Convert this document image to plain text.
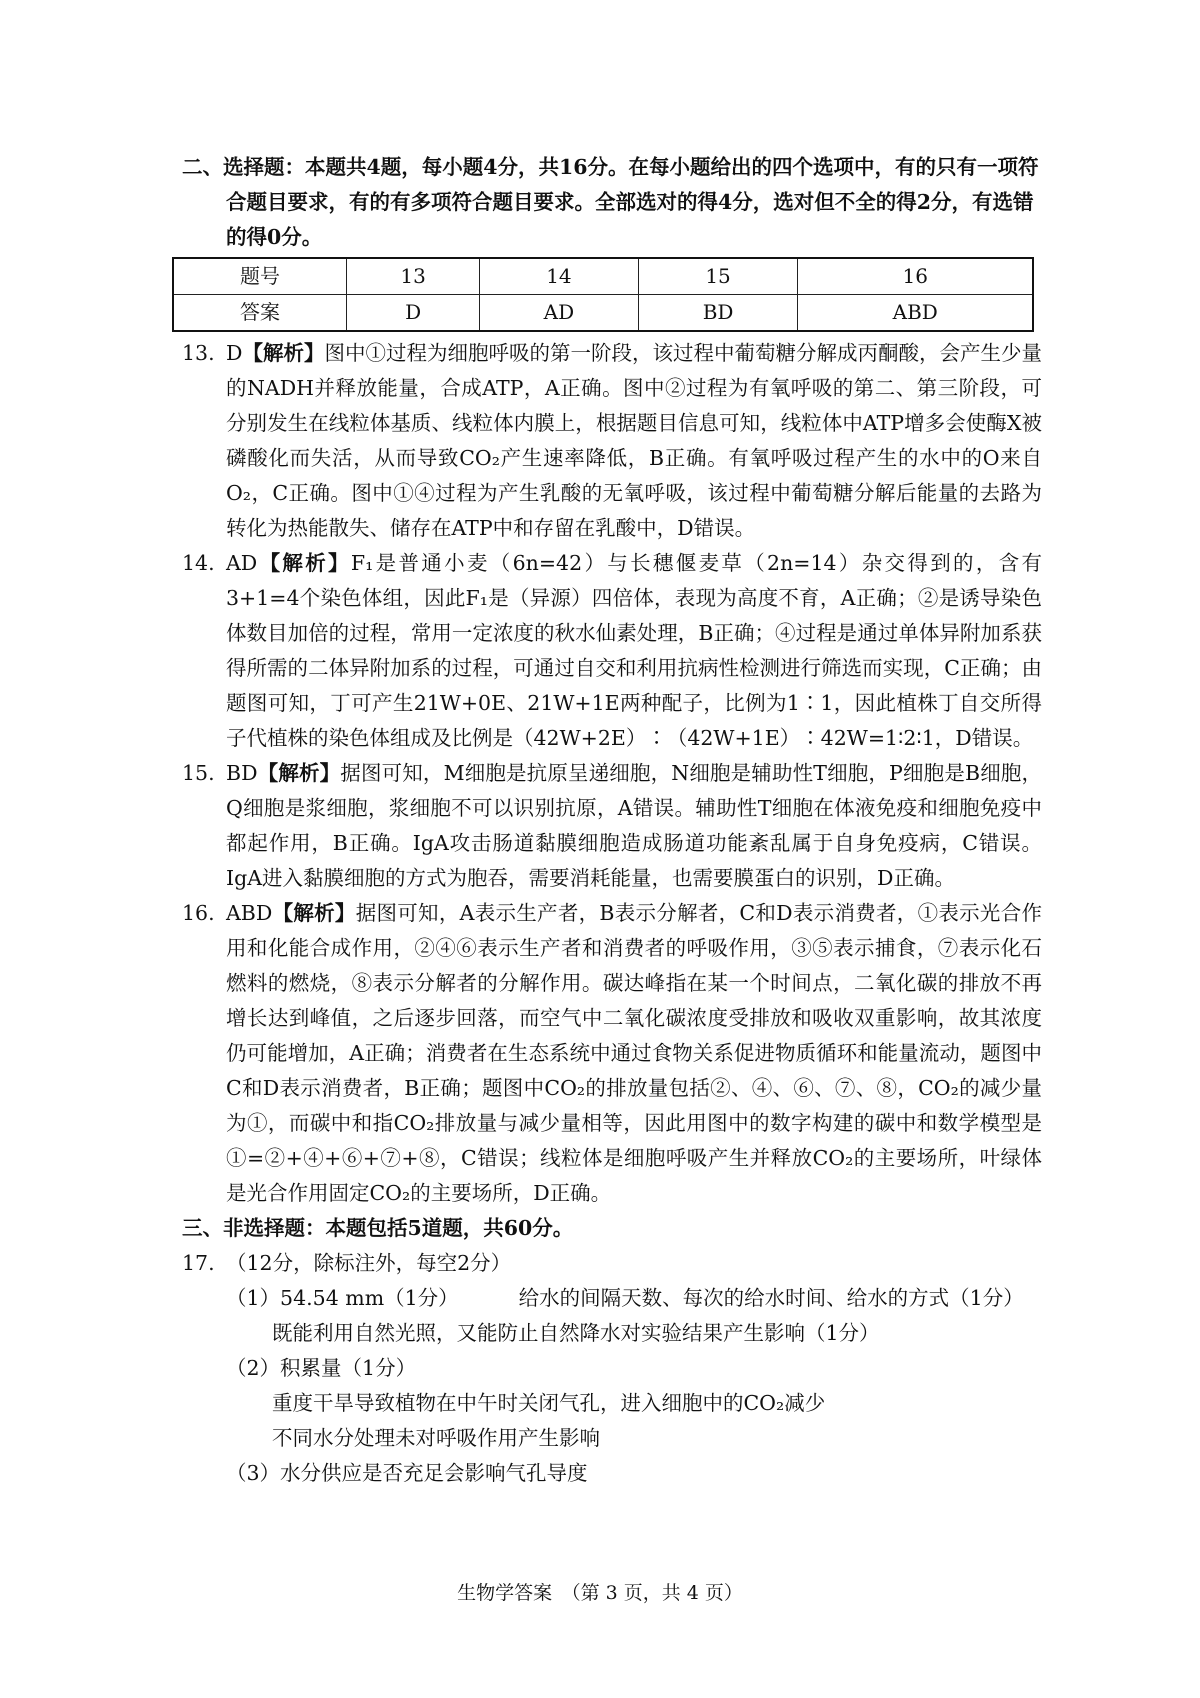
二、选择题：本题共4题，每小题4分，共16分。在每小题给出的四个选项中，有的只有一项符合题目要求，有的有多项符合题目要求。全部选对的得4分，选对但不全的得2分，有选错的得0分。

题号	13	14	15	16
答案	D	AD	BD	ABD
13. D【解析】图中①过程为细胞呼吸的第一阶段，该过程中葡萄糖分解成丙酮酸，会产生少量的NADH并释放能量，合成ATP，A正确。图中②过程为有氧呼吸的第二、第三阶段，可分别发生在线粒体基质、线粒体内膜上，根据题目信息可知，线粒体中ATP增多会使酶X被磷酸化而失活，从而导致CO₂产生速率降低，B正确。有氧呼吸过程产生的水中的O来自O₂，C正确。图中①④过程为产生乳酸的无氧呼吸，该过程中葡萄糖分解后能量的去路为转化为热能散失、储存在ATP中和存留在乳酸中，D错误。

14. AD【解析】F₁是普通小麦（6n=42）与长穗偃麦草（2n=14）杂交得到的，含有3+1=4个染色体组，因此F₁是（异源）四倍体，表现为高度不育，A正确；②是诱导染色体数目加倍的过程，常用一定浓度的秋水仙素处理，B正确；④过程是通过单体异附加系获得所需的二体异附加系的过程，可通过自交和利用抗病性检测进行筛选而实现，C正确；由题图可知，丁可产生21W+0E、21W+1E两种配子，比例为1∶1，因此植株丁自交所得子代植株的染色体组成及比例是（42W+2E）∶（42W+1E）∶42W=1∶2∶1，D错误。

15. BD【解析】据图可知，M细胞是抗原呈递细胞，N细胞是辅助性T细胞，P细胞是B细胞，Q细胞是浆细胞，浆细胞不可以识别抗原，A错误。辅助性T细胞在体液免疫和细胞免疫中都起作用，B正确。IgA攻击肠道黏膜细胞造成肠道功能紊乱属于自身免疫病，C错误。IgA进入黏膜细胞的方式为胞吞，需要消耗能量，也需要膜蛋白的识别，D正确。

16. ABD【解析】据图可知，A表示生产者，B表示分解者，C和D表示消费者，①表示光合作用和化能合成作用，②④⑥表示生产者和消费者的呼吸作用，③⑤表示捕食，⑦表示化石燃料的燃烧，⑧表示分解者的分解作用。碳达峰指在某一个时间点，二氧化碳的排放不再增长达到峰值，之后逐步回落，而空气中二氧化碳浓度受排放和吸收双重影响，故其浓度仍可能增加，A正确；消费者在生态系统中通过食物关系促进物质循环和能量流动，题图中C和D表示消费者，B正确；题图中CO₂的排放量包括②、④、⑥、⑦、⑧，CO₂的减少量为①，而碳中和指CO₂排放量与减少量相等，因此用图中的数字构建的碳中和数学模型是①=②+④+⑥+⑦+⑧，C错误；线粒体是细胞呼吸产生并释放CO₂的主要场所，叶绿体是光合作用固定CO₂的主要场所，D正确。

三、非选择题：本题包括5道题，共60分。

17. （12分，除标注外，每空2分）

（1）54.54 mm（1分）	给水的间隔天数、每次的给水时间、给水的方式（1分）

既能利用自然光照，又能防止自然降水对实验结果产生影响（1分）

（2）积累量（1分）

重度干旱导致植物在中午时关闭气孔，进入细胞中的CO₂减少

不同水分处理未对呼吸作用产生影响

（3）水分供应是否充足会影响气孔导度

生物学答案　（第 3 页，共 4 页）
